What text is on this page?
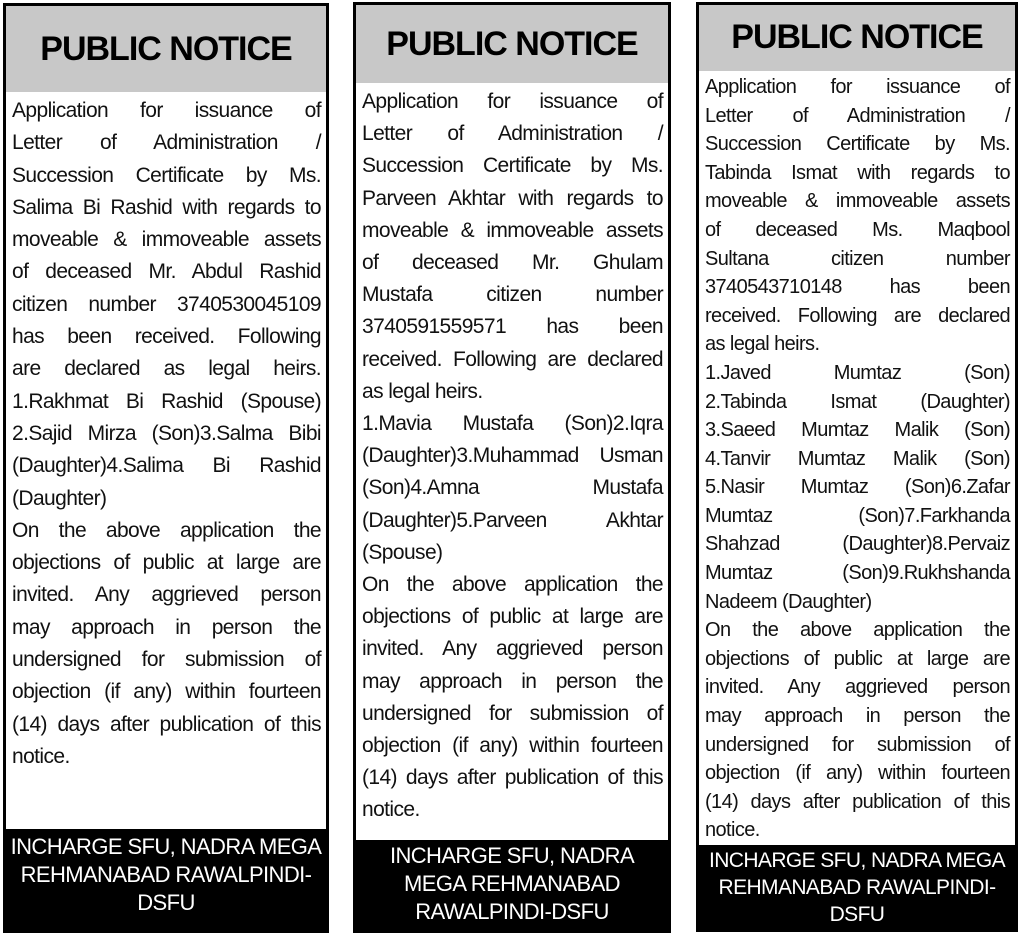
PUBLIC NOTICE
Application for issuance of
Letter of Administration /
Succession Certificate by Ms.
Salima Bi Rashid with regards to
moveable & immoveable assets
of deceased Mr. Abdul Rashid
citizen number 3740530045109
has been received. Following
are declared as legal heirs.
1.Rakhmat Bi Rashid (Spouse)
2.Sajid Mirza (Son)3.Salma Bibi
(Daughter)4.Salima Bi Rashid
(Daughter)
On the above application the
objections of public at large are
invited. Any aggrieved person
may approach in person the
undersigned for submission of
objection (if any) within fourteen
(14) days after publication of this
notice.
INCHARGE SFU, NADRA MEGA REHMANABAD RAWALPINDI-DSFU
PUBLIC NOTICE
Application for issuance of
Letter of Administration /
Succession Certificate by Ms.
Parveen Akhtar with regards to
moveable & immoveable assets
of deceased Mr. Ghulam
Mustafa citizen number
3740591559571 has been
received. Following are declared
as legal heirs.
1.Mavia Mustafa (Son)2.Iqra
(Daughter)3.Muhammad Usman
(Son)4.Amna Mustafa
(Daughter)5.Parveen Akhtar
(Spouse)
On the above application the
objections of public at large are
invited. Any aggrieved person
may approach in person the
undersigned for submission of
objection (if any) within fourteen
(14) days after publication of this
notice.
INCHARGE SFU, NADRA MEGA REHMANABAD RAWALPINDI-DSFU
PUBLIC NOTICE
Application for issuance of
Letter of Administration /
Succession Certificate by Ms.
Tabinda Ismat with regards to
moveable & immoveable assets
of deceased Ms. Maqbool
Sultana citizen number
3740543710148 has been
received. Following are declared
as legal heirs.
1.Javed Mumtaz (Son)
2.Tabinda Ismat (Daughter)
3.Saeed Mumtaz Malik (Son)
4.Tanvir Mumtaz Malik (Son)
5.Nasir Mumtaz (Son)6.Zafar
Mumtaz (Son)7.Farkhanda
Shahzad (Daughter)8.Pervaiz
Mumtaz (Son)9.Rukhshanda
Nadeem (Daughter)
On the above application the
objections of public at large are
invited. Any aggrieved person
may approach in person the
undersigned for submission of
objection (if any) within fourteen
(14) days after publication of this
notice.
INCHARGE SFU, NADRA MEGA REHMANABAD RAWALPINDI-DSFU
